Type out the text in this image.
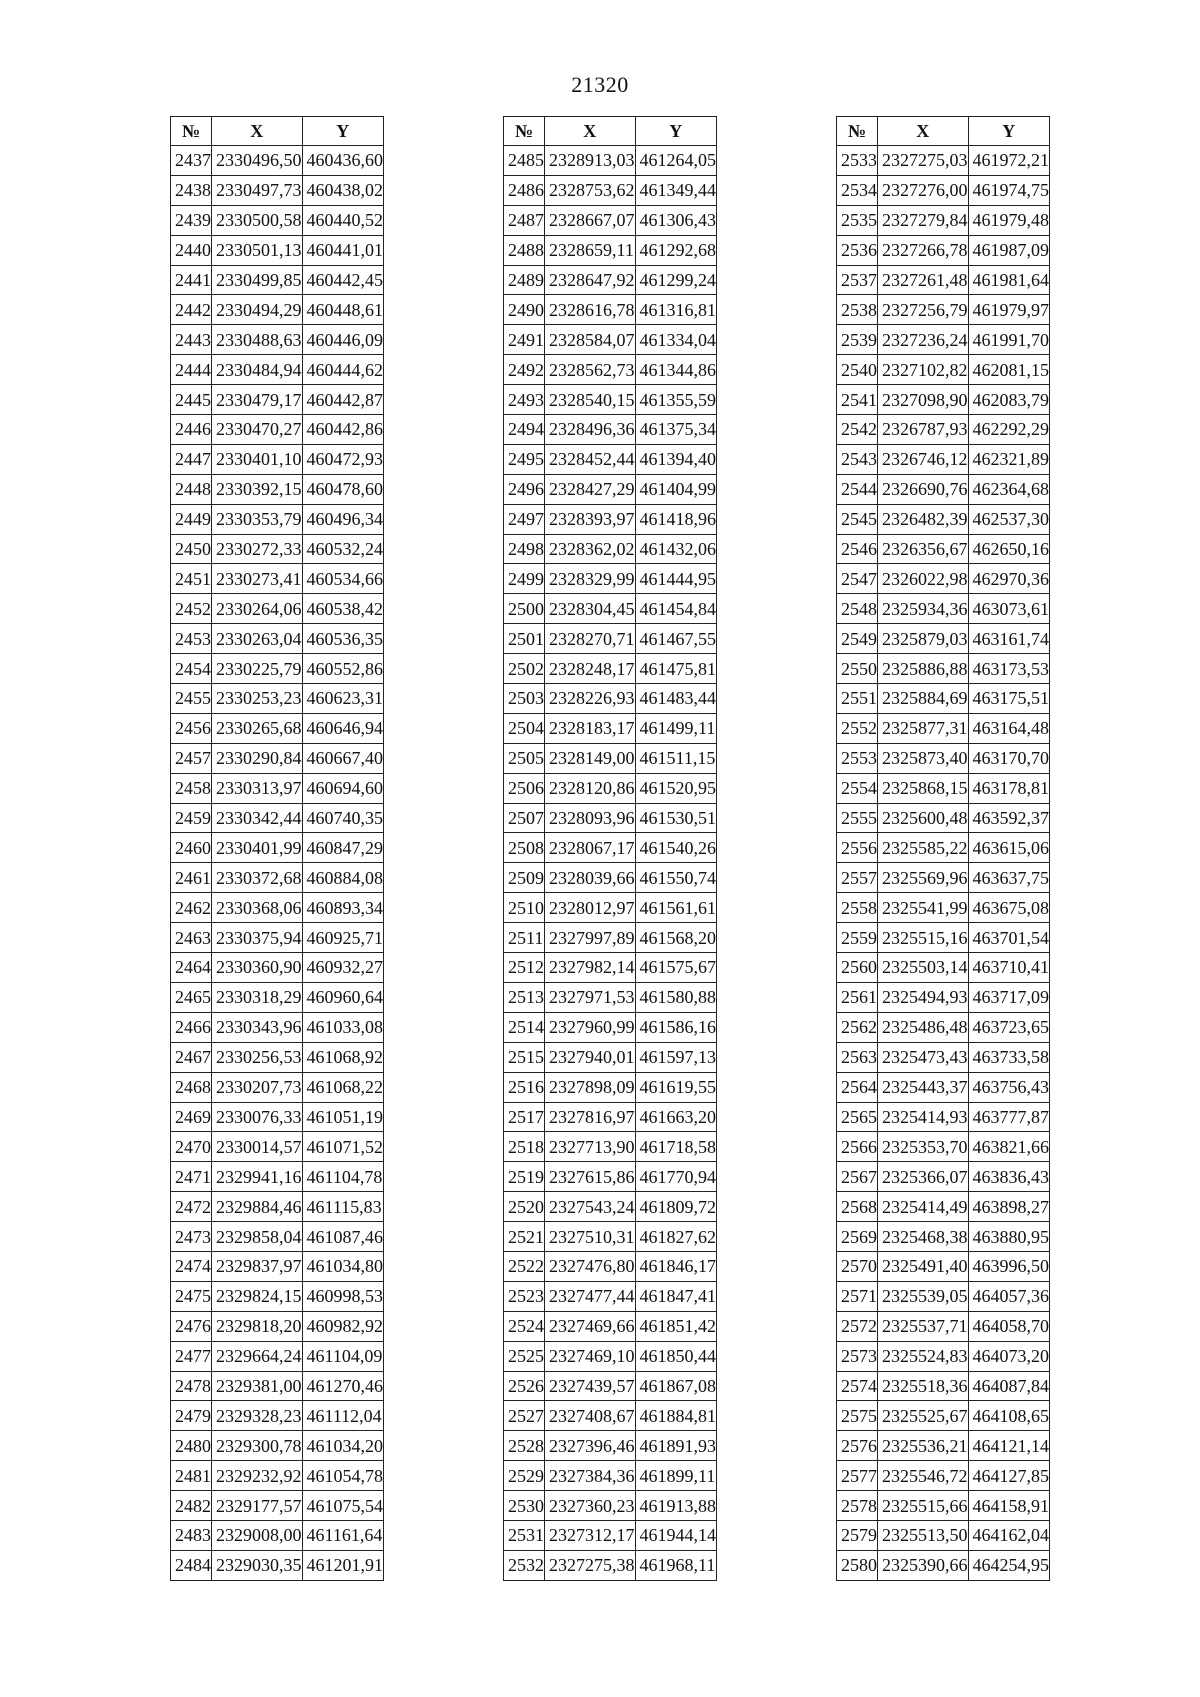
21320
№	X	Y
2437	2330496,50	460436,60
2438	2330497,73	460438,02
2439	2330500,58	460440,52
2440	2330501,13	460441,01
2441	2330499,85	460442,45
2442	2330494,29	460448,61
2443	2330488,63	460446,09
2444	2330484,94	460444,62
2445	2330479,17	460442,87
2446	2330470,27	460442,86
2447	2330401,10	460472,93
2448	2330392,15	460478,60
2449	2330353,79	460496,34
2450	2330272,33	460532,24
2451	2330273,41	460534,66
2452	2330264,06	460538,42
2453	2330263,04	460536,35
2454	2330225,79	460552,86
2455	2330253,23	460623,31
2456	2330265,68	460646,94
2457	2330290,84	460667,40
2458	2330313,97	460694,60
2459	2330342,44	460740,35
2460	2330401,99	460847,29
2461	2330372,68	460884,08
2462	2330368,06	460893,34
2463	2330375,94	460925,71
2464	2330360,90	460932,27
2465	2330318,29	460960,64
2466	2330343,96	461033,08
2467	2330256,53	461068,92
2468	2330207,73	461068,22
2469	2330076,33	461051,19
2470	2330014,57	461071,52
2471	2329941,16	461104,78
2472	2329884,46	461115,83
2473	2329858,04	461087,46
2474	2329837,97	461034,80
2475	2329824,15	460998,53
2476	2329818,20	460982,92
2477	2329664,24	461104,09
2478	2329381,00	461270,46
2479	2329328,23	461112,04
2480	2329300,78	461034,20
2481	2329232,92	461054,78
2482	2329177,57	461075,54
2483	2329008,00	461161,64
2484	2329030,35	461201,91
№	X	Y
2485	2328913,03	461264,05
2486	2328753,62	461349,44
2487	2328667,07	461306,43
2488	2328659,11	461292,68
2489	2328647,92	461299,24
2490	2328616,78	461316,81
2491	2328584,07	461334,04
2492	2328562,73	461344,86
2493	2328540,15	461355,59
2494	2328496,36	461375,34
2495	2328452,44	461394,40
2496	2328427,29	461404,99
2497	2328393,97	461418,96
2498	2328362,02	461432,06
2499	2328329,99	461444,95
2500	2328304,45	461454,84
2501	2328270,71	461467,55
2502	2328248,17	461475,81
2503	2328226,93	461483,44
2504	2328183,17	461499,11
2505	2328149,00	461511,15
2506	2328120,86	461520,95
2507	2328093,96	461530,51
2508	2328067,17	461540,26
2509	2328039,66	461550,74
2510	2328012,97	461561,61
2511	2327997,89	461568,20
2512	2327982,14	461575,67
2513	2327971,53	461580,88
2514	2327960,99	461586,16
2515	2327940,01	461597,13
2516	2327898,09	461619,55
2517	2327816,97	461663,20
2518	2327713,90	461718,58
2519	2327615,86	461770,94
2520	2327543,24	461809,72
2521	2327510,31	461827,62
2522	2327476,80	461846,17
2523	2327477,44	461847,41
2524	2327469,66	461851,42
2525	2327469,10	461850,44
2526	2327439,57	461867,08
2527	2327408,67	461884,81
2528	2327396,46	461891,93
2529	2327384,36	461899,11
2530	2327360,23	461913,88
2531	2327312,17	461944,14
2532	2327275,38	461968,11
№	X	Y
2533	2327275,03	461972,21
2534	2327276,00	461974,75
2535	2327279,84	461979,48
2536	2327266,78	461987,09
2537	2327261,48	461981,64
2538	2327256,79	461979,97
2539	2327236,24	461991,70
2540	2327102,82	462081,15
2541	2327098,90	462083,79
2542	2326787,93	462292,29
2543	2326746,12	462321,89
2544	2326690,76	462364,68
2545	2326482,39	462537,30
2546	2326356,67	462650,16
2547	2326022,98	462970,36
2548	2325934,36	463073,61
2549	2325879,03	463161,74
2550	2325886,88	463173,53
2551	2325884,69	463175,51
2552	2325877,31	463164,48
2553	2325873,40	463170,70
2554	2325868,15	463178,81
2555	2325600,48	463592,37
2556	2325585,22	463615,06
2557	2325569,96	463637,75
2558	2325541,99	463675,08
2559	2325515,16	463701,54
2560	2325503,14	463710,41
2561	2325494,93	463717,09
2562	2325486,48	463723,65
2563	2325473,43	463733,58
2564	2325443,37	463756,43
2565	2325414,93	463777,87
2566	2325353,70	463821,66
2567	2325366,07	463836,43
2568	2325414,49	463898,27
2569	2325468,38	463880,95
2570	2325491,40	463996,50
2571	2325539,05	464057,36
2572	2325537,71	464058,70
2573	2325524,83	464073,20
2574	2325518,36	464087,84
2575	2325525,67	464108,65
2576	2325536,21	464121,14
2577	2325546,72	464127,85
2578	2325515,66	464158,91
2579	2325513,50	464162,04
2580	2325390,66	464254,95
